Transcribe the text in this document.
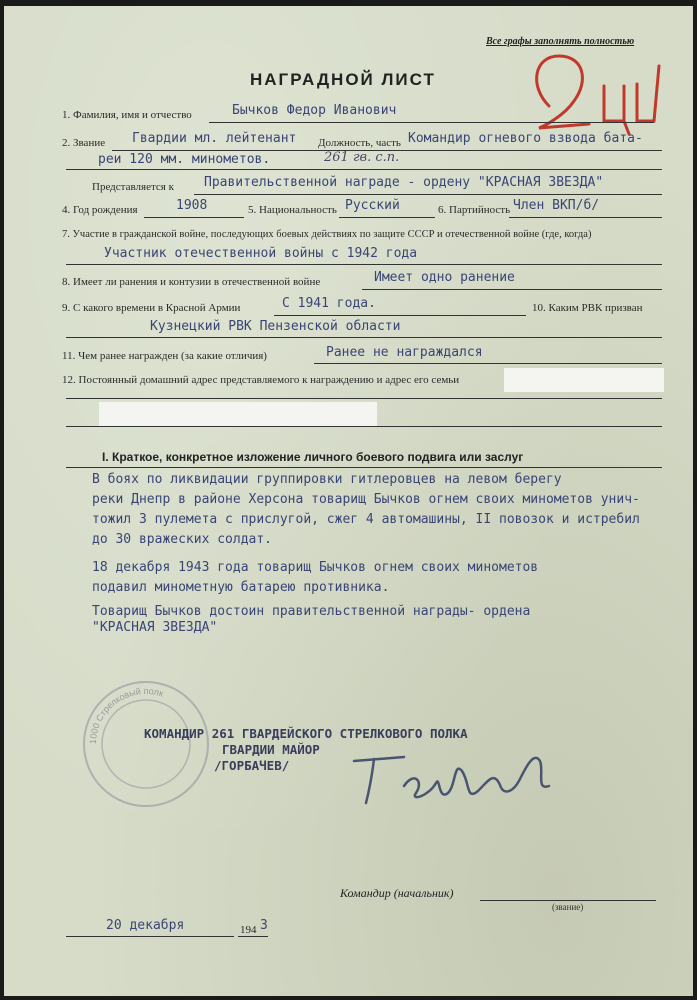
Все графы заполнять полностью
2ц
НАГРАДНОЙ ЛИСТ
1. Фамилия, имя и отчество	Бычков Федор Иванович
2. Звание Гвардии мл. лейтенант Должность, часть Командир огневого взвода бата-
реи 120 мм. минометов.	261 гв. с.п.
Представляется к Правительственной награде - ордену "КРАСНАЯ ЗВЕЗДА"
4. Год рождения	1908	5. Национальность Русский	6. Партийность Член ВКП/б/
7. Участие в гражданской войне, последующих боевых действиях по защите СССР и отечественной войне (где, когда)
Участник отечественной войны с 1942 года
8. Имеет ли ранения и контузии в отечественной войне	Имеет одно ранение
9. С какого времени в Красной Армии	С 1941 года.	10. Каким РВК призван
Кузнецкий РВК Пензенской области
11. Чем ранее награжден (за какие отличия)	Ранее не награждался
12. Постоянный домашний адрес представляемого к награждению и адрес его семьи
I. Краткое, конкретное изложение личного боевого подвига или заслуг
В боях по ликвидации группировки гитлеровцев на левом берегу
реки Днепр в районе Херсона товарищ Бычков огнем своих минометов унич-
тожил 3 пулемета с прислугой, сжег 4 автомашины, II повозок и истребил
до 30 вражеских солдат.
18 декабря 1943 года товарищ Бычков огнем своих минометов
подавил минометную батарею противника.
Товарищ Бычков достоин правительственной награды- ордена
"КРАСНАЯ ЗВЕЗДА"
1000 Стрелковый полк
КОМАНДИР 261 ГВАРДЕЙСКОГО СТРЕЛКОВОГО ПОЛКА
ГВАРДИИ МАЙОР
/ГОРБАЧЕВ/
Горбачев
Командир (начальник)
(звание)
20 декабря	194 3
